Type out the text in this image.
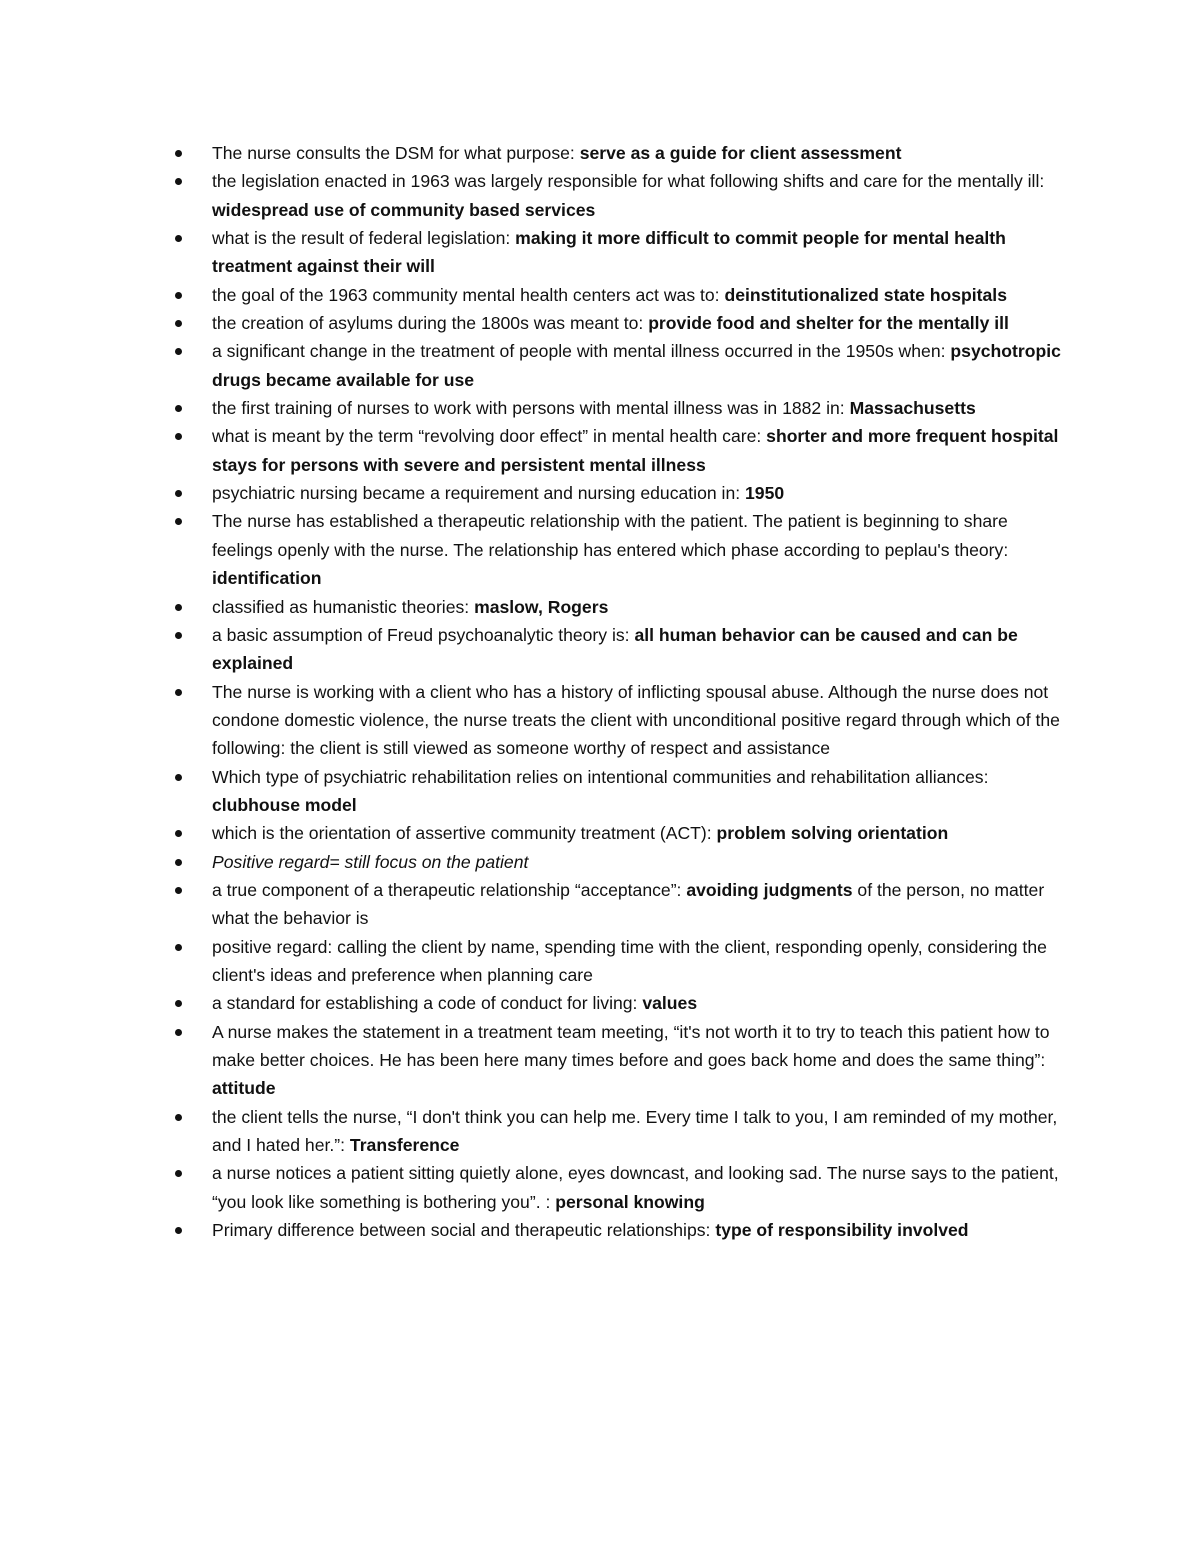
The nurse consults the DSM for what purpose: serve as a guide for client assessment
the legislation enacted in 1963 was largely responsible for what following shifts and care for the mentally ill: widespread use of community based services
what is the result of federal legislation: making it more difficult to commit people for mental health treatment against their will
the goal of the 1963 community mental health centers act was to: deinstitutionalized state hospitals
the creation of asylums during the 1800s was meant to: provide food and shelter for the mentally ill
a significant change in the treatment of people with mental illness occurred in the 1950s when: psychotropic drugs became available for use
the first training of nurses to work with persons with mental illness was in 1882 in: Massachusetts
what is meant by the term “revolving door effect” in mental health care: shorter and more frequent hospital stays for persons with severe and persistent mental illness
psychiatric nursing became a requirement and nursing education in: 1950
The nurse has established a therapeutic relationship with the patient. The patient is beginning to share feelings openly with the nurse. The relationship has entered which phase according to peplau's theory: identification
classified as humanistic theories: maslow, Rogers
a basic assumption of Freud psychoanalytic theory is: all human behavior can be caused and can be explained
The nurse is working with a client who has a history of inflicting spousal abuse. Although the nurse does not condone domestic violence, the nurse treats the client with unconditional positive regard through which of the following: the client is still viewed as someone worthy of respect and assistance
Which type of psychiatric rehabilitation relies on intentional communities and rehabilitation alliances: clubhouse model
which is the orientation of assertive community treatment (ACT): problem solving orientation
Positive regard= still focus on the patient
a true component of a therapeutic relationship “acceptance”: avoiding judgments of the person, no matter what the behavior is
positive regard: calling the client by name, spending time with the client, responding openly, considering the client's ideas and preference when planning care
a standard for establishing a code of conduct for living: values
A nurse makes the statement in a treatment team meeting, “it's not worth it to try to teach this patient how to make better choices. He has been here many times before and goes back home and does the same thing”: attitude
the client tells the nurse, “I don't think you can help me. Every time I talk to you, I am reminded of my mother, and I hated her.”: Transference
a nurse notices a patient sitting quietly alone, eyes downcast, and looking sad. The nurse says to the patient, “you look like something is bothering you”. : personal knowing
Primary difference between social and therapeutic relationships: type of responsibility involved
